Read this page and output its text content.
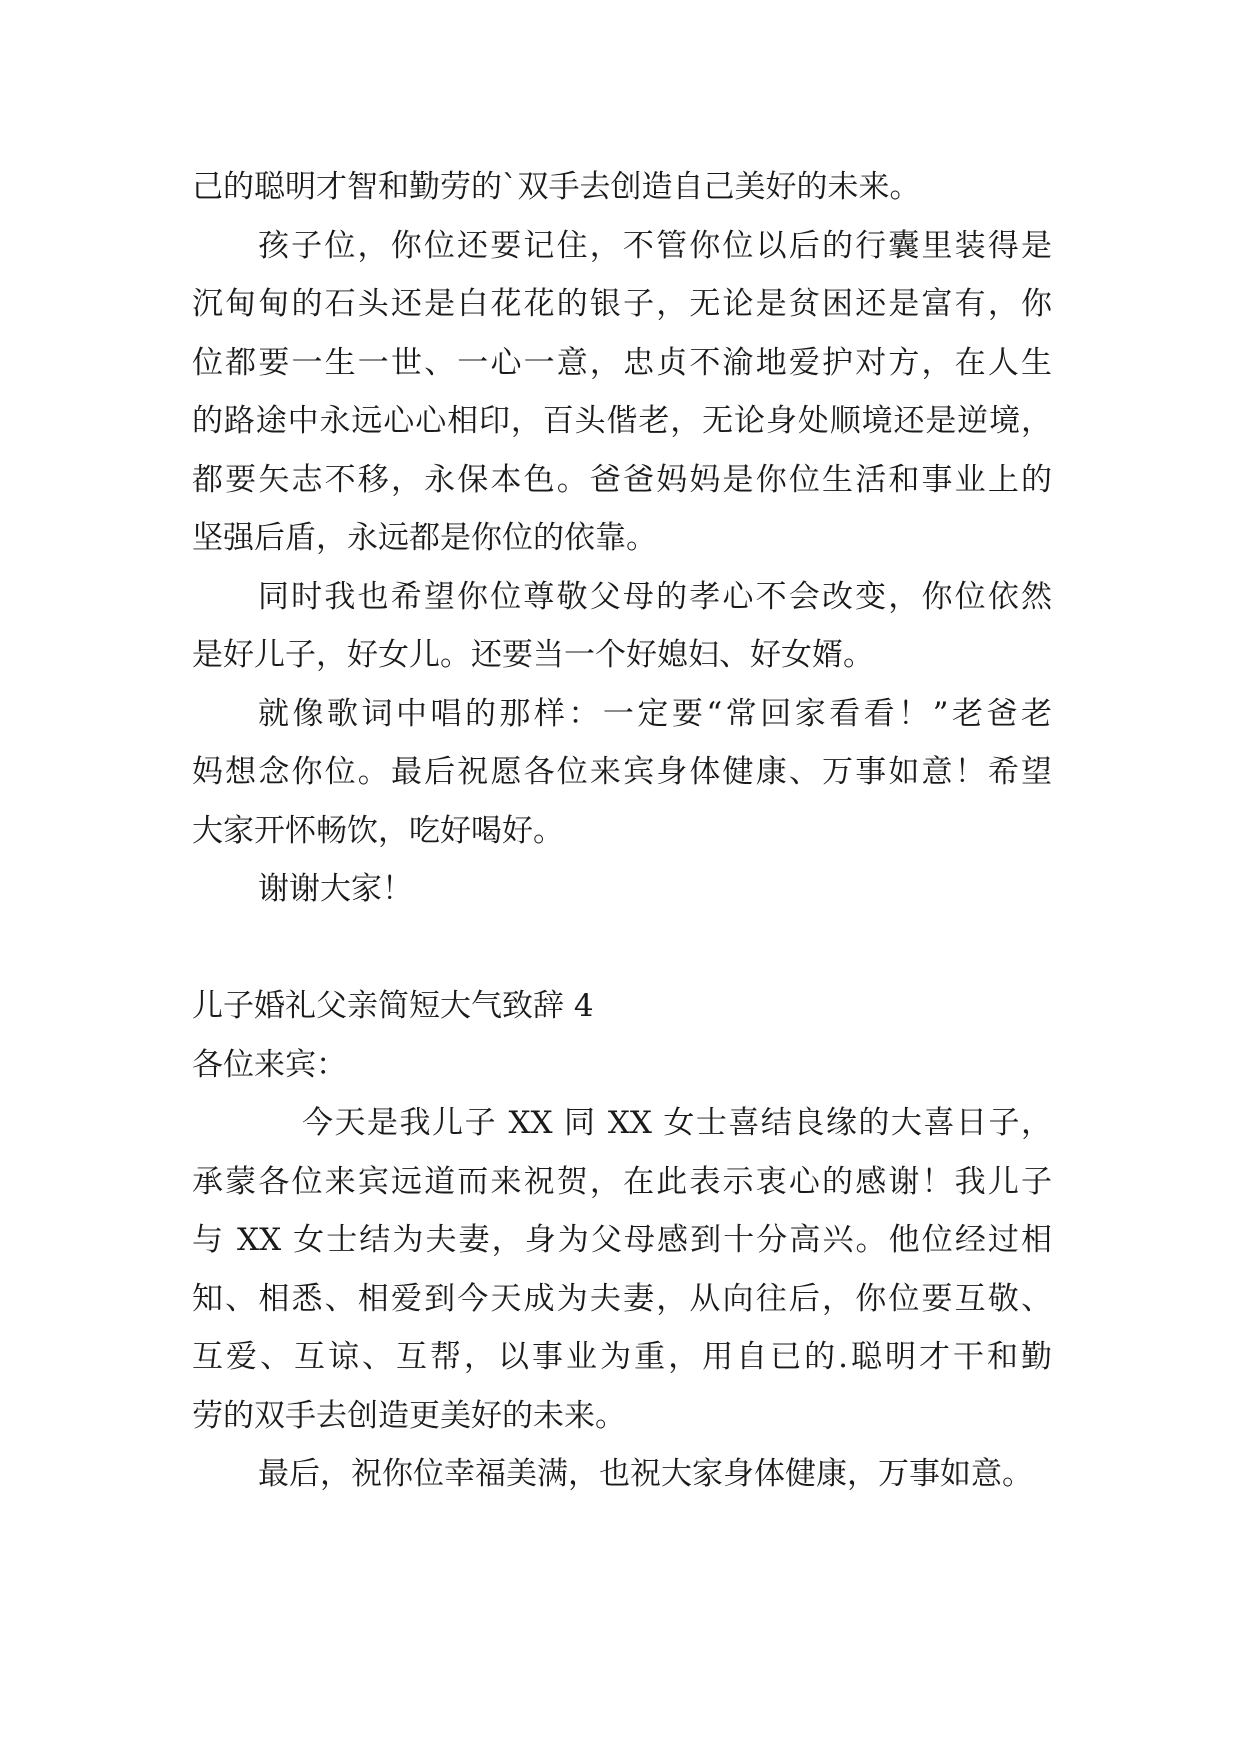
己的聪明才智和勤劳的`双手去创造自己美好的未来。
孩子位，你位还要记住，不管你位以后的行囊里装得是
沉甸甸的石头还是白花花的银子，无论是贫困还是富有，你
位都要一生一世、一心一意，忠贞不渝地爱护对方，在人生
的路途中永远心心相印，百头偕老，无论身处顺境还是逆境，
都要矢志不移，永保本色。爸爸妈妈是你位生活和事业上的
坚强后盾，永远都是你位的依靠。
同时我也希望你位尊敬父母的孝心不会改变，你位依然
是好儿子，好女儿。还要当一个好媳妇、好女婿。
就像歌词中唱的那样：一定要“常回家看看！”老爸老
妈想念你位。最后祝愿各位来宾身体健康、万事如意！希望
大家开怀畅饮，吃好喝好。
谢谢大家！
儿子婚礼父亲简短大气致辞 4
各位来宾：
今天是我儿子 XX 同 XX 女士喜结良缘的大喜日子，
承蒙各位来宾远道而来祝贺，在此表示衷心的感谢！我儿子
与 XX 女士结为夫妻，身为父母感到十分高兴。他位经过相
知、相悉、相爱到今天成为夫妻，从向往后，你位要互敬、
互爱、互谅、互帮，以事业为重，用自已的.聪明才干和勤
劳的双手去创造更美好的未来。
最后，祝你位幸福美满，也祝大家身体健康，万事如意。
